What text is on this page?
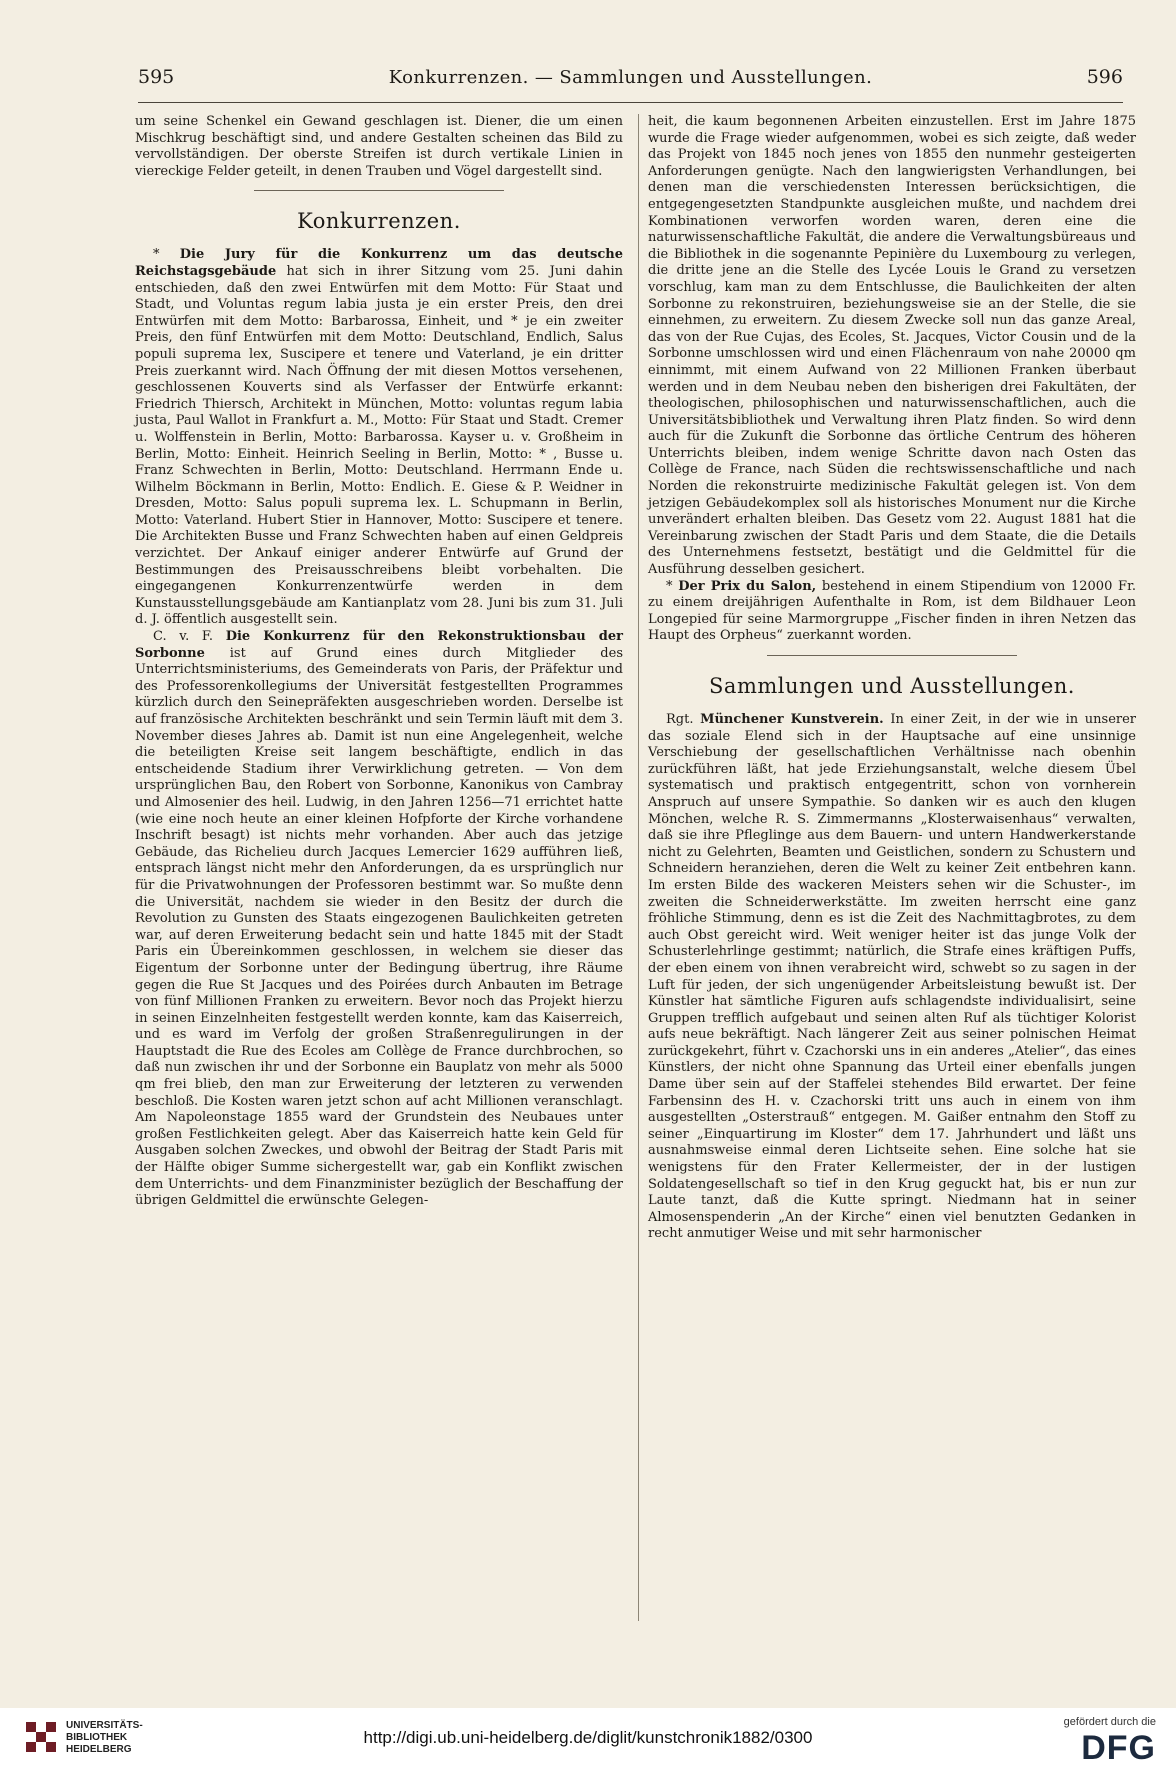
595	Konkurrenzen. — Sammlungen und Ausstellungen.	596

um seine Schenkel ein Gewand geschlagen ist. Diener, die um einen Mischkrug beschäftigt sind, und andere Gestalten scheinen das Bild zu vervollständigen. Der oberste Streifen ist durch vertikale Linien in viereckige Felder geteilt, in denen Trauben und Vögel dargestellt sind.

Konkurrenzen.

* Die Jury für die Konkurrenz um das deutsche Reichstagsgebäude hat sich in ihrer Sitzung vom 25. Juni dahin entschieden, daß den zwei Entwürfen mit dem Motto: Für Staat und Stadt, und Voluntas regum labia justa je ein erster Preis, den drei Entwürfen mit dem Motto: Barbarossa, Einheit, und * je ein zweiter Preis, den fünf Entwürfen mit dem Motto: Deutschland, Endlich, Salus populi suprema lex, Suscipere et tenere und Vaterland, je ein dritter Preis zuerkannt wird. Nach Öffnung der mit diesen Mottos versehenen, geschlossenen Kouverts sind als Verfasser der Entwürfe erkannt: Friedrich Thiersch, Architekt in München, Motto: voluntas regum labia justa, Paul Wallot in Frankfurt a. M., Motto: Für Staat und Stadt. Cremer u. Wolffenstein in Berlin, Motto: Barbarossa. Kayser u. v. Großheim in Berlin, Motto: Einheit. Heinrich Seeling in Berlin, Motto: * , Busse u. Franz Schwechten in Berlin, Motto: Deutschland. Herrmann Ende u. Wilhelm Böckmann in Berlin, Motto: Endlich. E. Giese & P. Weidner in Dresden, Motto: Salus populi suprema lex. L. Schupmann in Berlin, Motto: Vaterland. Hubert Stier in Hannover, Motto: Suscipere et tenere. Die Architekten Busse und Franz Schwechten haben auf einen Geldpreis verzichtet. Der Ankauf einiger anderer Entwürfe auf Grund der Bestimmungen des Preisausschreibens bleibt vorbehalten. Die eingegangenen Konkurrenzentwürfe werden in dem Kunstausstellungsgebäude am Kantianplatz vom 28. Juni bis zum 31. Juli d. J. öffentlich ausgestellt sein.

C. v. F. Die Konkurrenz für den Rekonstruktionsbau der Sorbonne ist auf Grund eines durch Mitglieder des Unterrichtsministeriums, des Gemeinderats von Paris, der Präfektur und des Professorenkollegiums der Universität festgestellten Programmes kürzlich durch den Seinepräfekten ausgeschrieben worden. Derselbe ist auf französische Architekten beschränkt und sein Termin läuft mit dem 3. November dieses Jahres ab. Damit ist nun eine Angelegenheit, welche die beteiligten Kreise seit langem beschäftigte, endlich in das entscheidende Stadium ihrer Verwirklichung getreten. — Von dem ursprünglichen Bau, den Robert von Sorbonne, Kanonikus von Cambray und Almosenier des heil. Ludwig, in den Jahren 1256—71 errichtet hatte (wie eine noch heute an einer kleinen Hofpforte der Kirche vorhandene Inschrift besagt) ist nichts mehr vorhanden. Aber auch das jetzige Gebäude, das Richelieu durch Jacques Lemercier 1629 aufführen ließ, entsprach längst nicht mehr den Anforderungen, da es ursprünglich nur für die Privatwohnungen der Professoren bestimmt war. So mußte denn die Universität, nachdem sie wieder in den Besitz der durch die Revolution zu Gunsten des Staats eingezogenen Baulichkeiten getreten war, auf deren Erweiterung bedacht sein und hatte 1845 mit der Stadt Paris ein Übereinkommen geschlossen, in welchem sie dieser das Eigentum der Sorbonne unter der Bedingung übertrug, ihre Räume gegen die Rue St Jacques und des Poirées durch Anbauten im Betrage von fünf Millionen Franken zu erweitern. Bevor noch das Projekt hierzu in seinen Einzelnheiten festgestellt werden konnte, kam das Kaiserreich, und es ward im Verfolg der großen Straßenregulirungen in der Hauptstadt die Rue des Ecoles am Collège de France durchbrochen, so daß nun zwischen ihr und der Sorbonne ein Bauplatz von mehr als 5000 qm frei blieb, den man zur Erweiterung der letzteren zu verwenden beschloß. Die Kosten waren jetzt schon auf acht Millionen veranschlagt. Am Napoleonstage 1855 ward der Grundstein des Neubaues unter großen Festlichkeiten gelegt. Aber das Kaiserreich hatte kein Geld für Ausgaben solchen Zweckes, und obwohl der Beitrag der Stadt Paris mit der Hälfte obiger Summe sichergestellt war, gab ein Konflikt zwischen dem Unterrichts- und dem Finanzminister bezüglich der Beschaffung der übrigen Geldmittel die erwünschte Gelegen-

heit, die kaum begonnenen Arbeiten einzustellen. Erst im Jahre 1875 wurde die Frage wieder aufgenommen, wobei es sich zeigte, daß weder das Projekt von 1845 noch jenes von 1855 den nunmehr gesteigerten Anforderungen genügte. Nach den langwierigsten Verhandlungen, bei denen man die verschiedensten Interessen berücksichtigen, die entgegengesetzten Standpunkte ausgleichen mußte, und nachdem drei Kombinationen verworfen worden waren, deren eine die naturwissenschaftliche Fakultät, die andere die Verwaltungsbüreaus und die Bibliothek in die sogenannte Pepinière du Luxembourg zu verlegen, die dritte jene an die Stelle des Lycée Louis le Grand zu versetzen vorschlug, kam man zu dem Entschlusse, die Baulichkeiten der alten Sorbonne zu rekonstruiren, beziehungsweise sie an der Stelle, die sie einnehmen, zu erweitern. Zu diesem Zwecke soll nun das ganze Areal, das von der Rue Cujas, des Ecoles, St. Jacques, Victor Cousin und de la Sorbonne umschlossen wird und einen Flächenraum von nahe 20000 qm einnimmt, mit einem Aufwand von 22 Millionen Franken überbaut werden und in dem Neubau neben den bisherigen drei Fakultäten, der theologischen, philosophischen und naturwissenschaftlichen, auch die Universitätsbibliothek und Verwaltung ihren Platz finden. So wird denn auch für die Zukunft die Sorbonne das örtliche Centrum des höheren Unterrichts bleiben, indem wenige Schritte davon nach Osten das Collège de France, nach Süden die rechtswissenschaftliche und nach Norden die rekonstruirte medizinische Fakultät gelegen ist. Von dem jetzigen Gebäudekomplex soll als historisches Monument nur die Kirche unverändert erhalten bleiben. Das Gesetz vom 22. August 1881 hat die Vereinbarung zwischen der Stadt Paris und dem Staate, die die Details des Unternehmens festsetzt, bestätigt und die Geldmittel für die Ausführung desselben gesichert.

* Der Prix du Salon, bestehend in einem Stipendium von 12000 Fr. zu einem dreijährigen Aufenthalte in Rom, ist dem Bildhauer Leon Longepied für seine Marmorgruppe „Fischer finden in ihren Netzen das Haupt des Orpheus“ zuerkannt worden.

Sammlungen und Ausstellungen.

Rgt. Münchener Kunstverein. In einer Zeit, in der wie in unserer das soziale Elend sich in der Hauptsache auf eine unsinnige Verschiebung der gesellschaftlichen Verhältnisse nach obenhin zurückführen läßt, hat jede Erziehungsanstalt, welche diesem Übel systematisch und praktisch entgegentritt, schon von vornherein Anspruch auf unsere Sympathie. So danken wir es auch den klugen Mönchen, welche R. S. Zimmermanns „Klosterwaisenhaus“ verwalten, daß sie ihre Pfleglinge aus dem Bauern- und untern Handwerkerstande nicht zu Gelehrten, Beamten und Geistlichen, sondern zu Schustern und Schneidern heranziehen, deren die Welt zu keiner Zeit entbehren kann. Im ersten Bilde des wackeren Meisters sehen wir die Schuster-, im zweiten die Schneiderwerkstätte. Im zweiten herrscht eine ganz fröhliche Stimmung, denn es ist die Zeit des Nachmittagbrotes, zu dem auch Obst gereicht wird. Weit weniger heiter ist das junge Volk der Schusterlehrlinge gestimmt; natürlich, die Strafe eines kräftigen Puffs, der eben einem von ihnen verabreicht wird, schwebt so zu sagen in der Luft für jeden, der sich ungenügender Arbeitsleistung bewußt ist. Der Künstler hat sämtliche Figuren aufs schlagendste individualisirt, seine Gruppen trefflich aufgebaut und seinen alten Ruf als tüchtiger Kolorist aufs neue bekräftigt. Nach längerer Zeit aus seiner polnischen Heimat zurückgekehrt, führt v. Czachorski uns in ein anderes „Atelier“, das eines Künstlers, der nicht ohne Spannung das Urteil einer ebenfalls jungen Dame über sein auf der Staffelei stehendes Bild erwartet. Der feine Farbensinn des H. v. Czachorski tritt uns auch in einem von ihm ausgestellten „Osterstrauß“ entgegen. M. Gaißer entnahm den Stoff zu seiner „Einquartirung im Kloster“ dem 17. Jahrhundert und läßt uns ausnahmsweise einmal deren Lichtseite sehen. Eine solche hat sie wenigstens für den Frater Kellermeister, der in der lustigen Soldatengesellschaft so tief in den Krug geguckt hat, bis er nun zur Laute tanzt, daß die Kutte springt. Niedmann hat in seiner Almosenspenderin „An der Kirche“ einen viel benutzten Gedanken in recht anmutiger Weise und mit sehr harmonischer

UNIVERSITÄTS-
BIBLIOTHEK
HEIDELBERG
http://digi.ub.uni-heidelberg.de/diglit/kunstchronik1882/0300
gefördert durch die
DFG
